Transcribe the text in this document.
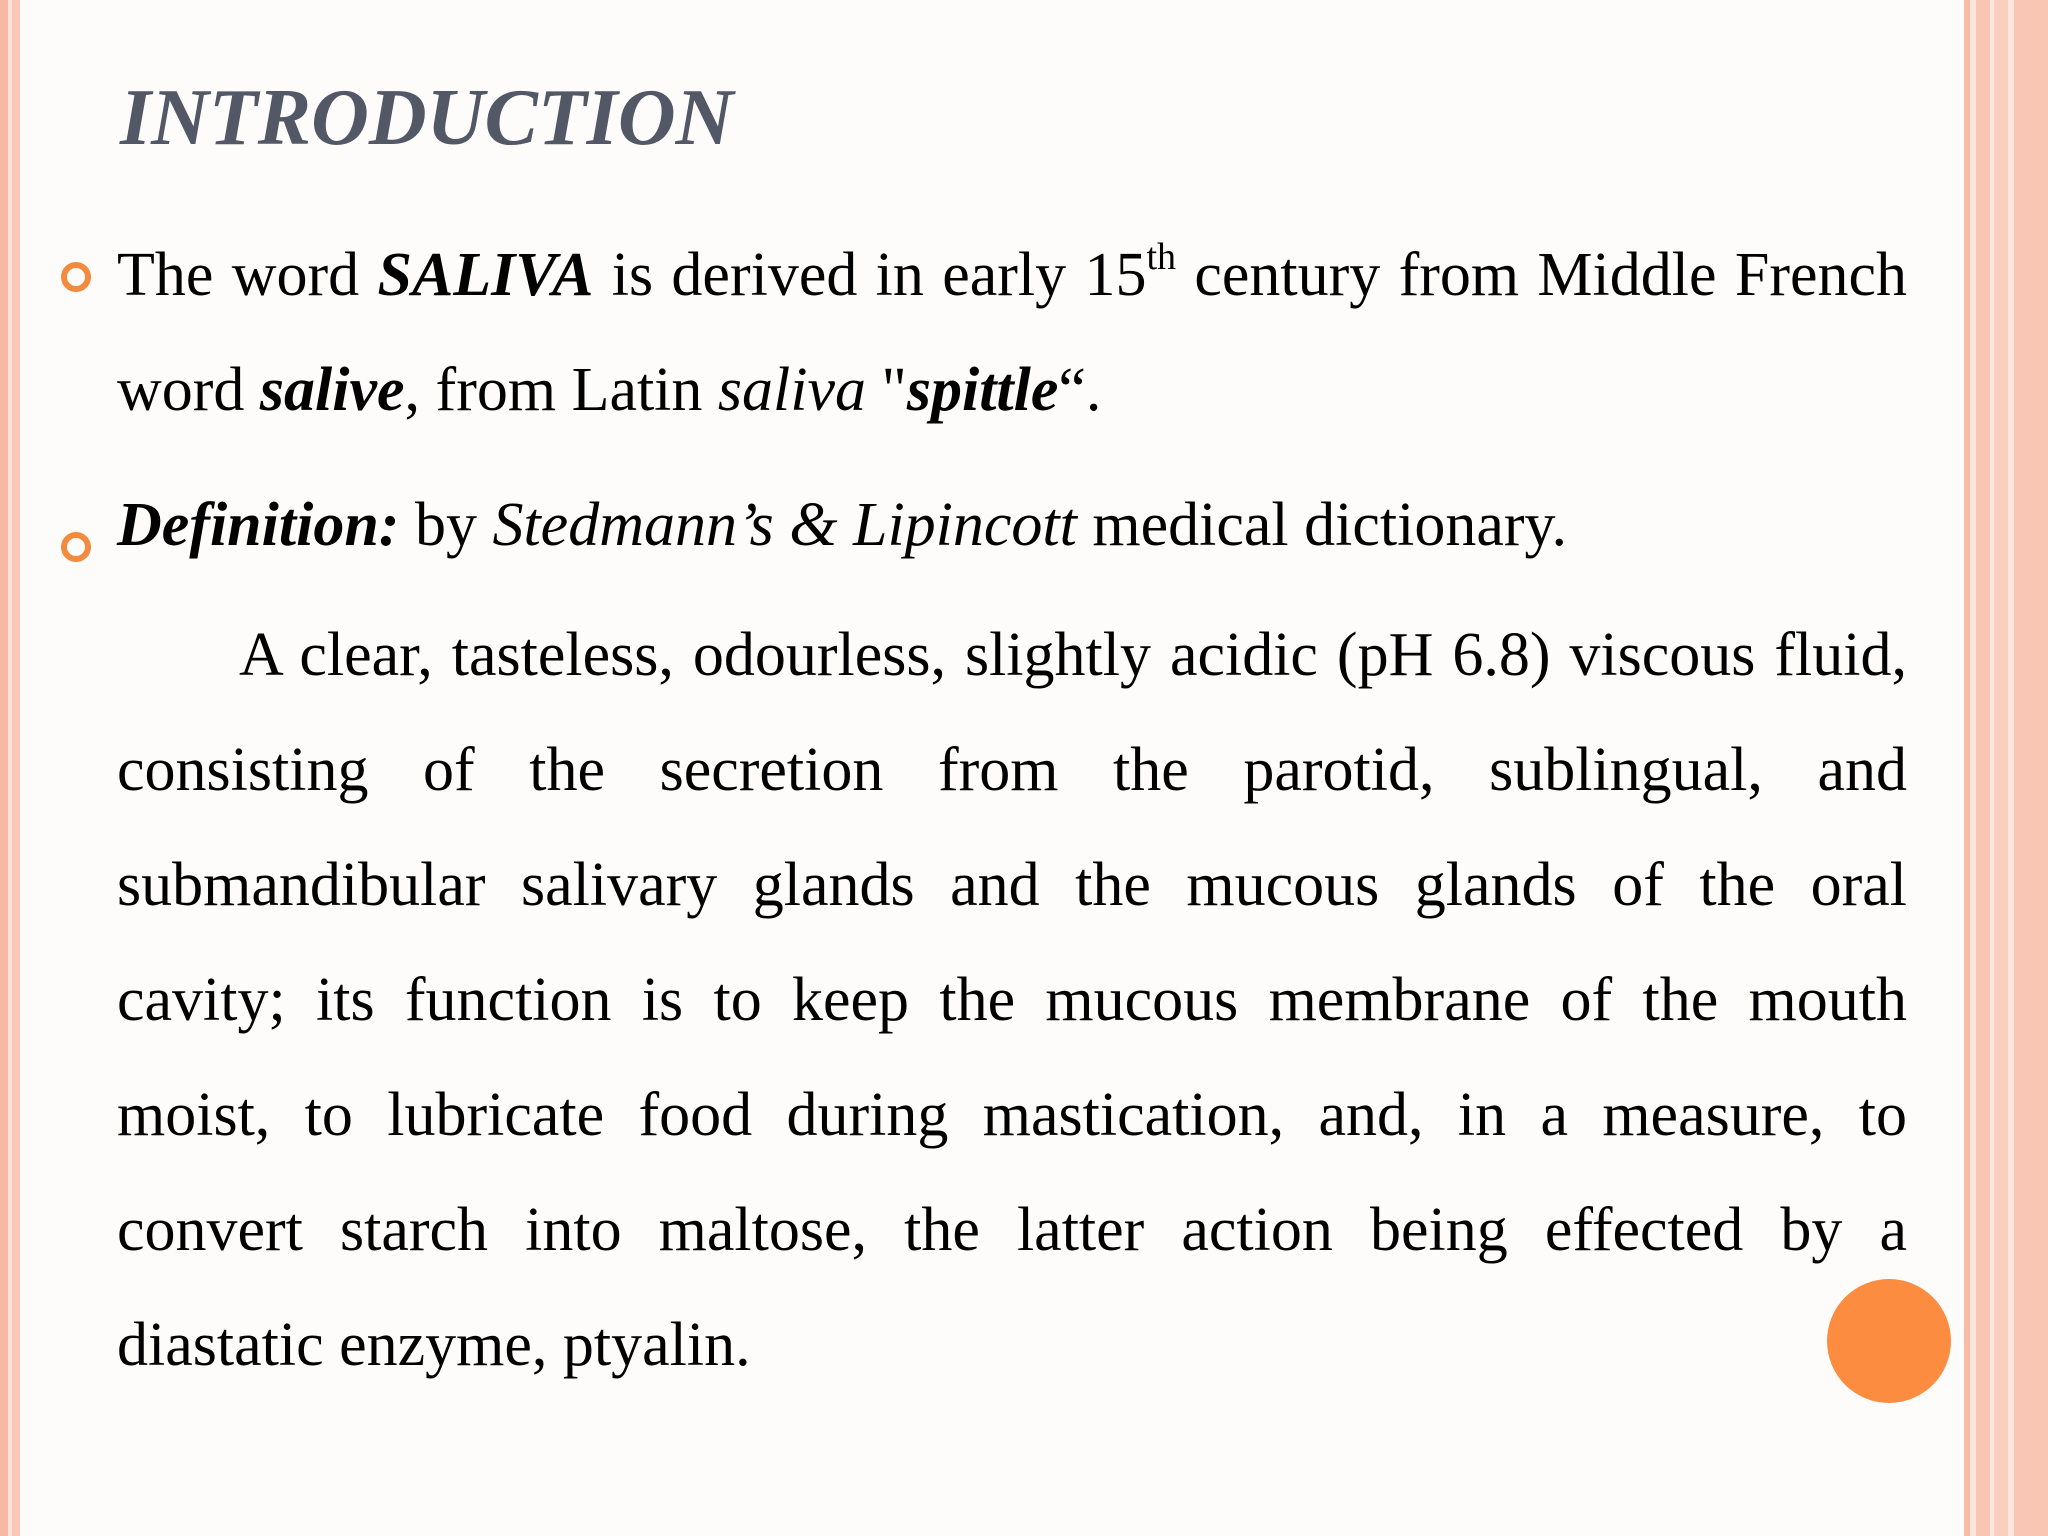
INTRODUCTION

The word SALIVA is derived in early 15th century from Middle French word salive, from Latin saliva "spittle“.

Definition: by Stedmann’s & Lipincott medical dictionary.

A clear, tasteless, odourless, slightly acidic (pH 6.8) viscous fluid, consisting of the secretion from the parotid, sublingual, and submandibular salivary glands and the mucous glands of the oral cavity; its function is to keep the mucous membrane of the mouth moist, to lubricate food during mastication, and, in a measure, to convert starch into maltose, the latter action being effected by a diastatic enzyme, ptyalin.
